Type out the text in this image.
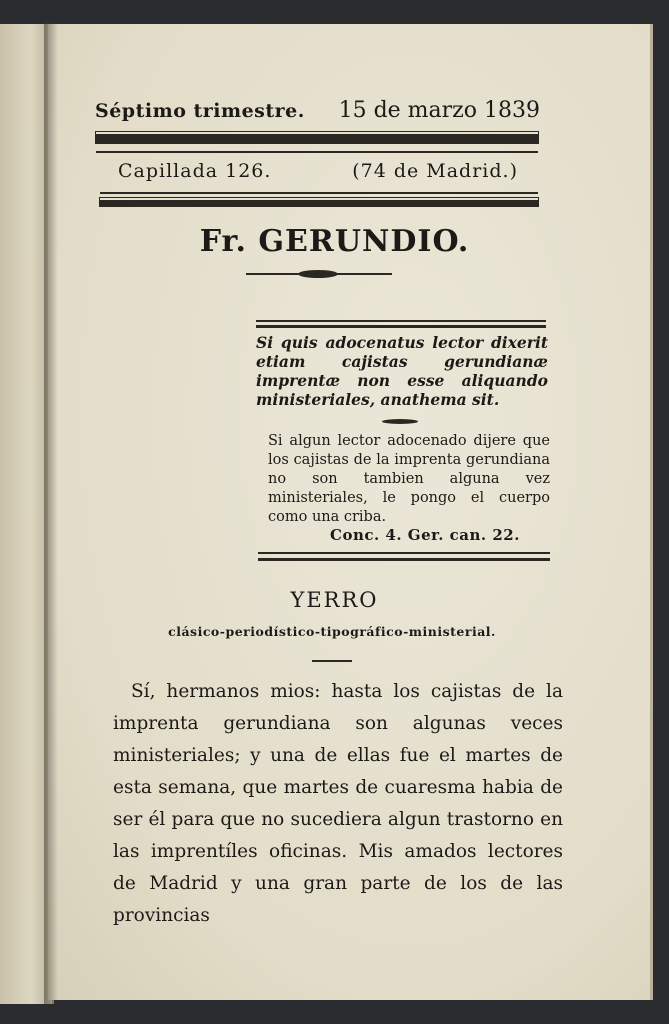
Séptimo trimestre. 15 de marzo 1839
Capillada 126.	(74 de Madrid.)
Fr. GERUNDIO.
Si quis adocenatus lector dixerit etiam cajistas gerundianæ imprentæ non esse aliquando ministeriales, anathema sit.
Si algun lector adocenado dijere que los cajistas de la imprenta gerundiana no son tambien alguna vez ministeriales, le pongo el cuerpo como una criba.
Conc. 4. Ger. can. 22.
YERRO
clásico-periodístico-tipográfico-ministerial.
Sí, hermanos mios: hasta los cajistas de la imprenta gerundiana son algunas veces ministeriales; y una de ellas fue el martes de esta semana, que martes de cuaresma habia de ser él para que no sucediera algun trastorno en las imprentíles oficinas. Mis amados lectores de Madrid y una gran parte de los de las provincias
